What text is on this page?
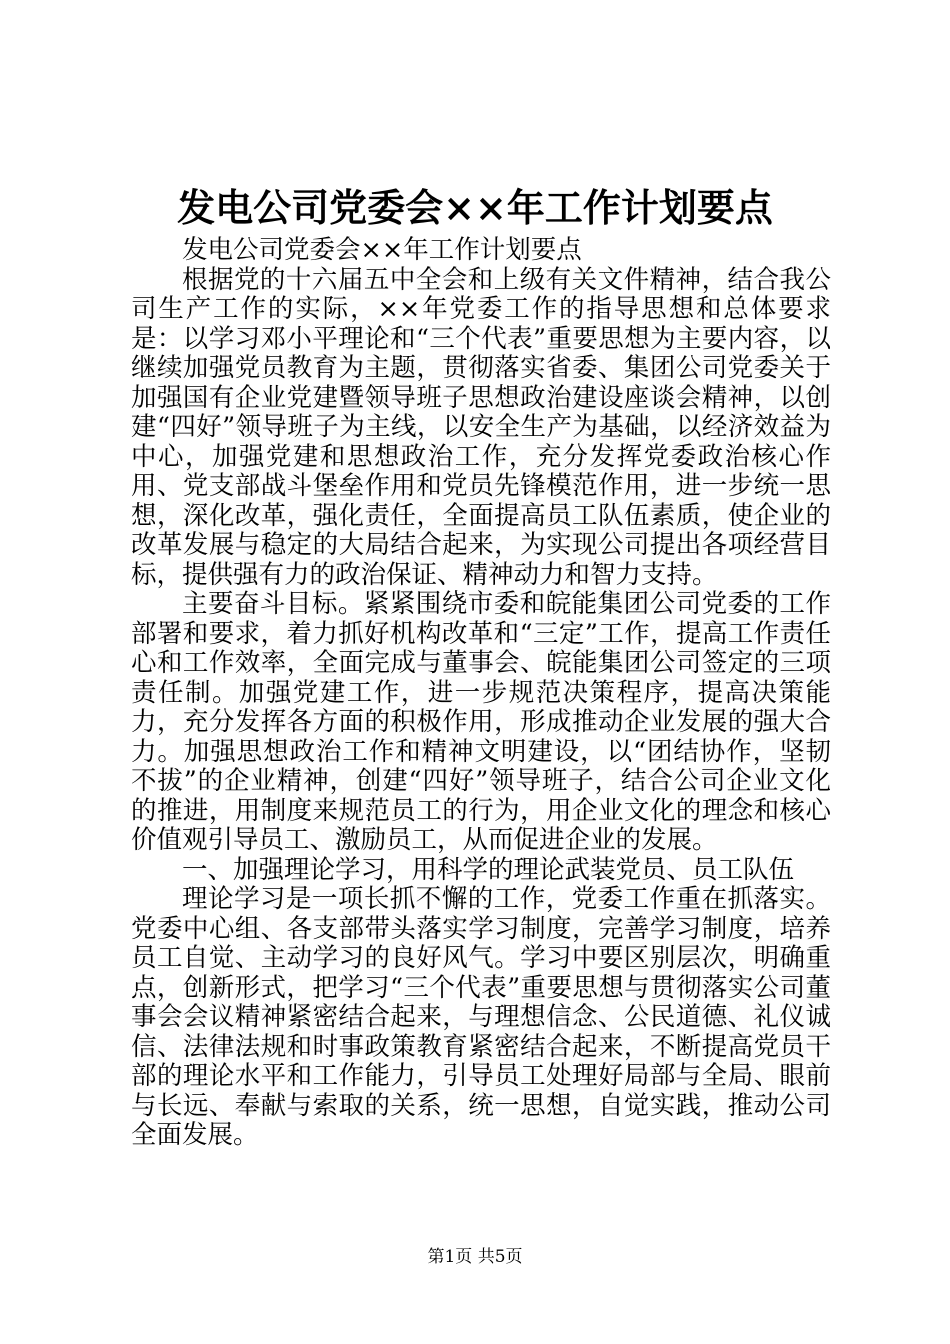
发电公司党委会××年工作计划要点

发电公司党委会××年工作计划要点

根据党的十六届五中全会和上级有关文件精神，结合我公司生产工作的实际，××年党委工作的指导思想和总体要求是：以学习邓小平理论和“三个代表”重要思想为主要内容，以继续加强党员教育为主题，贯彻落实省委、集团公司党委关于加强国有企业党建暨领导班子思想政治建设座谈会精神，以创建“四好”领导班子为主线，以安全生产为基础，以经济效益为中心，加强党建和思想政治工作，充分发挥党委政治核心作用、党支部战斗堡垒作用和党员先锋模范作用，进一步统一思想，深化改革，强化责任，全面提高员工队伍素质，使企业的改革发展与稳定的大局结合起来，为实现公司提出各项经营目标，提供强有力的政治保证、精神动力和智力支持。

主要奋斗目标。紧紧围绕市委和皖能集团公司党委的工作部署和要求，着力抓好机构改革和“三定”工作，提高工作责任心和工作效率，全面完成与董事会、皖能集团公司签定的三项责任制。加强党建工作，进一步规范决策程序，提高决策能力，充分发挥各方面的积极作用，形成推动企业发展的强大合力。加强思想政治工作和精神文明建设，以“团结协作，坚韧不拔”的企业精神，创建“四好”领导班子，结合公司企业文化的推进，用制度来规范员工的行为，用企业文化的理念和核心价值观引导员工、激励员工，从而促进企业的发展。

一、加强理论学习，用科学的理论武装党员、员工队伍

理论学习是一项长抓不懈的工作，党委工作重在抓落实。党委中心组、各支部带头落实学习制度，完善学习制度，培养员工自觉、主动学习的良好风气。学习中要区别层次，明确重点，创新形式，把学习“三个代表”重要思想与贯彻落实公司董事会会议精神紧密结合起来，与理想信念、公民道德、礼仪诚信、法律法规和时事政策教育紧密结合起来，不断提高党员干部的理论水平和工作能力，引导员工处理好局部与全局、眼前与长远、奉献与索取的关系，统一思想，自觉实践，推动公司全面发展。

第1页 共5页
